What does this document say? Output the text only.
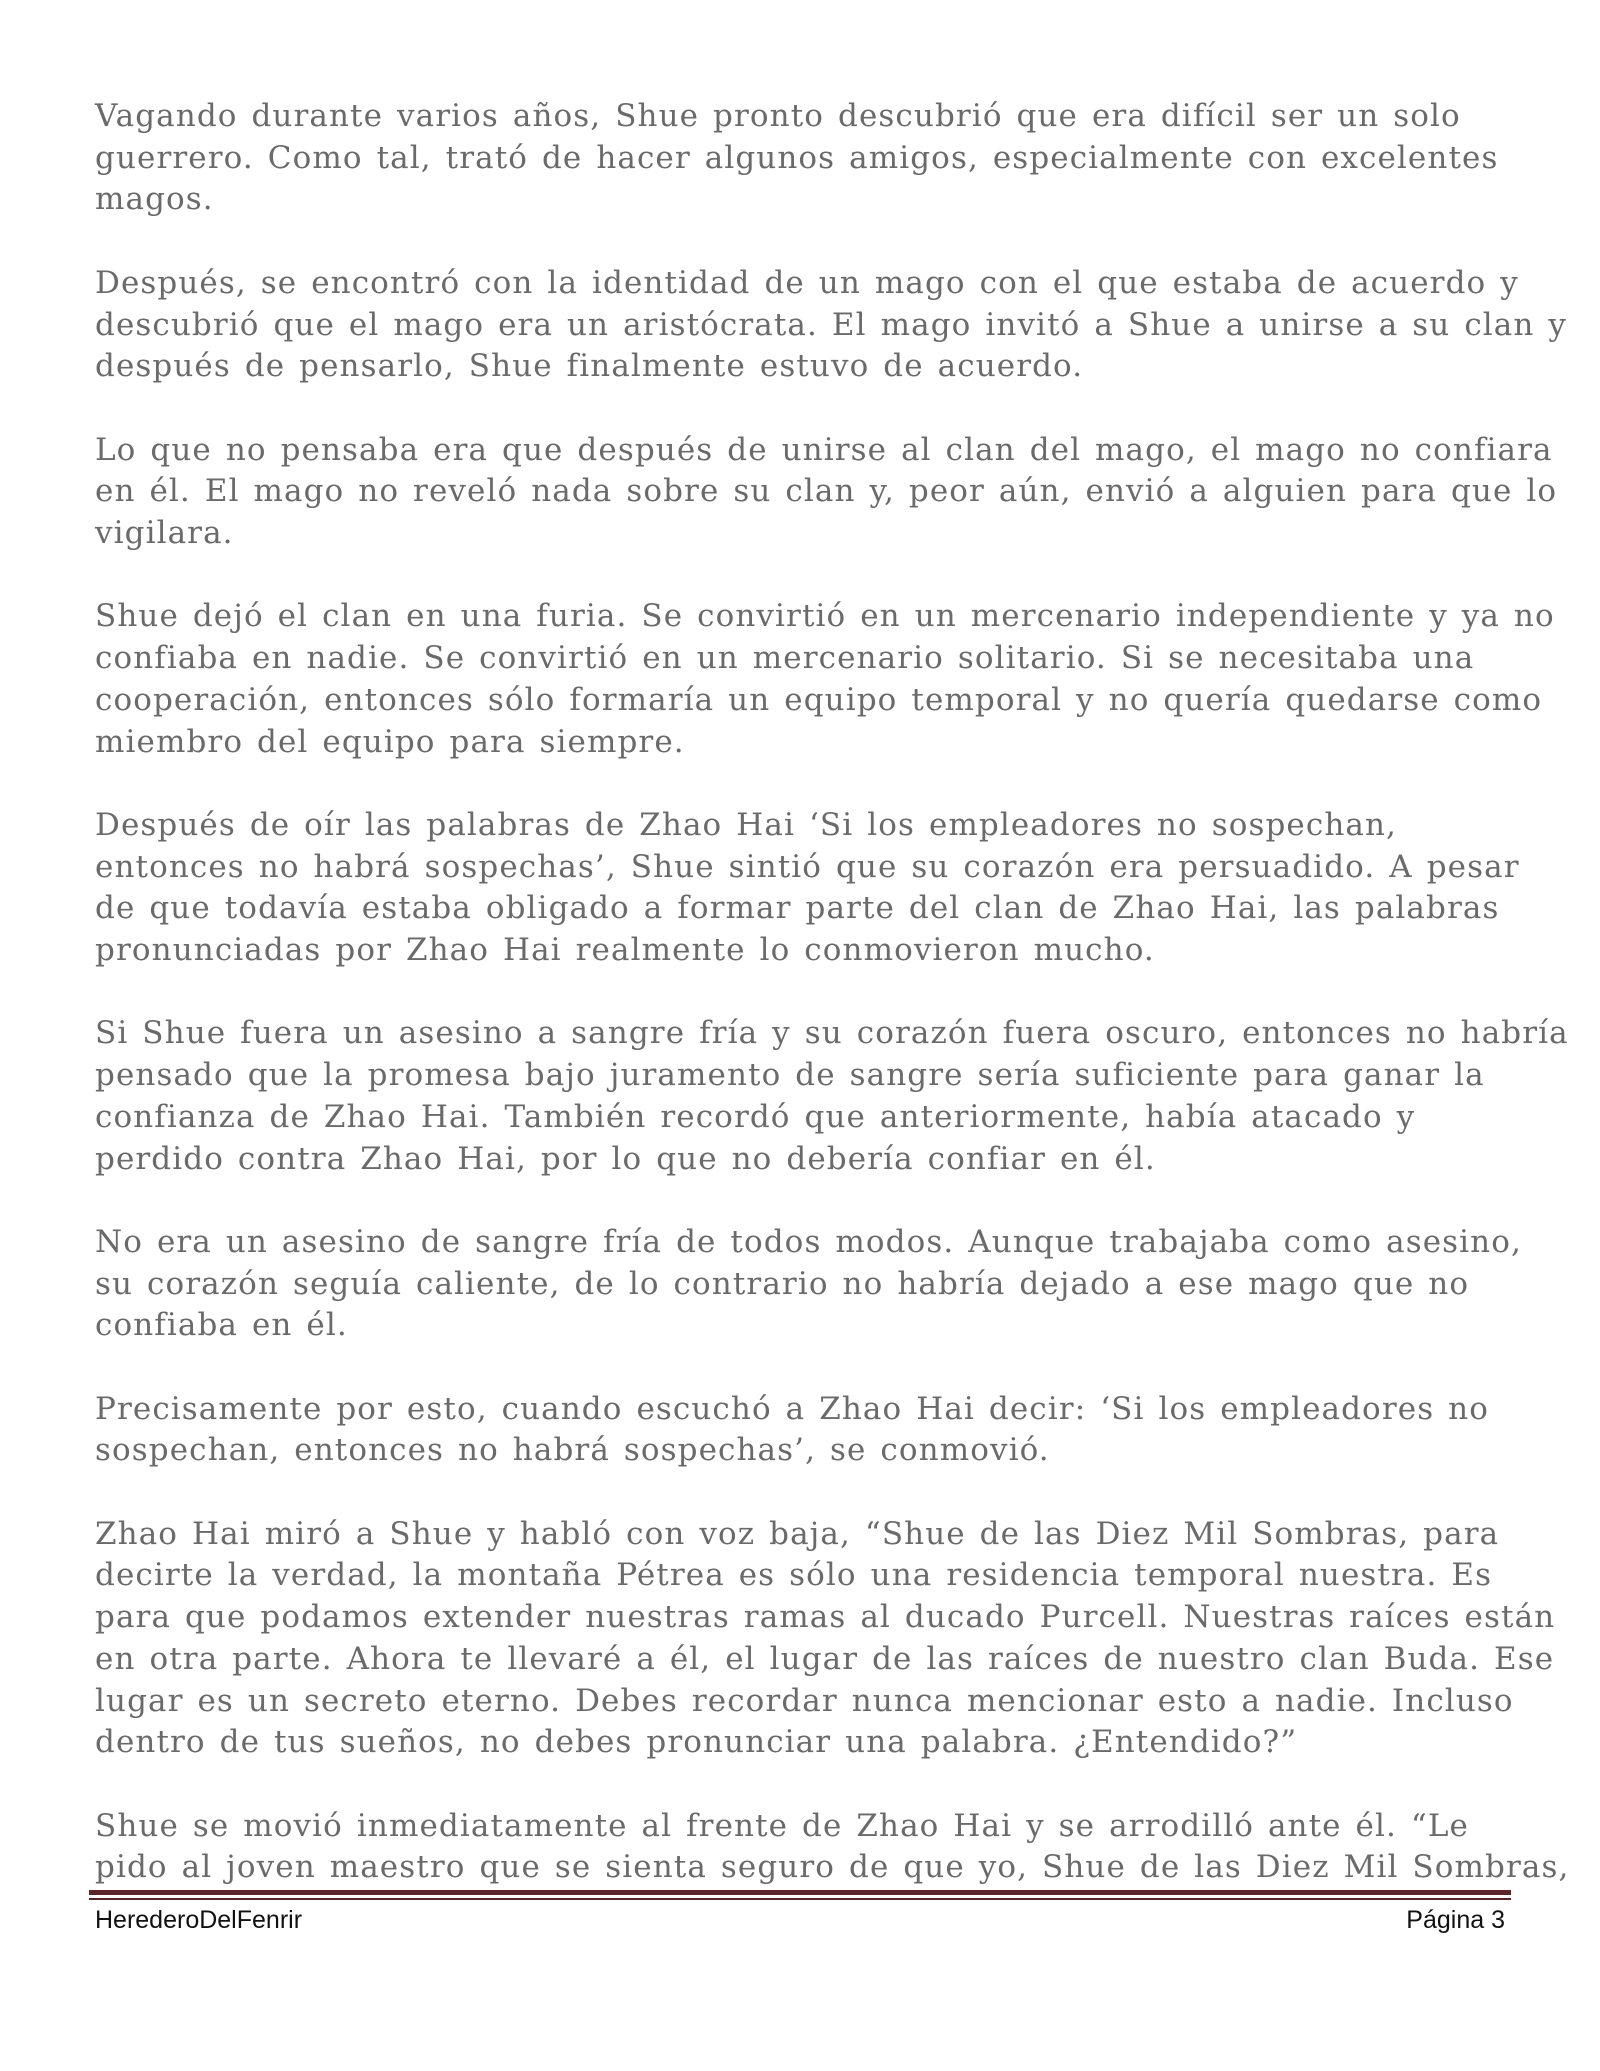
Vagando durante varios años, Shue pronto descubrió que era difícil ser un solo
guerrero. Como tal, trató de hacer algunos amigos, especialmente con excelentes
magos.
Después, se encontró con la identidad de un mago con el que estaba de acuerdo y
descubrió que el mago era un aristócrata. El mago invitó a Shue a unirse a su clan y
después de pensarlo, Shue finalmente estuvo de acuerdo.
Lo que no pensaba era que después de unirse al clan del mago, el mago no confiara
en él. El mago no reveló nada sobre su clan y, peor aún, envió a alguien para que lo
vigilara.
Shue dejó el clan en una furia. Se convirtió en un mercenario independiente y ya no
confiaba en nadie. Se convirtió en un mercenario solitario. Si se necesitaba una
cooperación, entonces sólo formaría un equipo temporal y no quería quedarse como
miembro del equipo para siempre.
Después de oír las palabras de Zhao Hai ‘Si los empleadores no sospechan,
entonces no habrá sospechas’, Shue sintió que su corazón era persuadido. A pesar
de que todavía estaba obligado a formar parte del clan de Zhao Hai, las palabras
pronunciadas por Zhao Hai realmente lo conmovieron mucho.
Si Shue fuera un asesino a sangre fría y su corazón fuera oscuro, entonces no habría
pensado que la promesa bajo juramento de sangre sería suficiente para ganar la
confianza de Zhao Hai. También recordó que anteriormente, había atacado y
perdido contra Zhao Hai, por lo que no debería confiar en él.
No era un asesino de sangre fría de todos modos. Aunque trabajaba como asesino,
su corazón seguía caliente, de lo contrario no habría dejado a ese mago que no
confiaba en él.
Precisamente por esto, cuando escuchó a Zhao Hai decir: ‘Si los empleadores no
sospechan, entonces no habrá sospechas’, se conmovió.
Zhao Hai miró a Shue y habló con voz baja, “Shue de las Diez Mil Sombras, para
decirte la verdad, la montaña Pétrea es sólo una residencia temporal nuestra. Es
para que podamos extender nuestras ramas al ducado Purcell. Nuestras raíces están
en otra parte. Ahora te llevaré a él, el lugar de las raíces de nuestro clan Buda. Ese
lugar es un secreto eterno. Debes recordar nunca mencionar esto a nadie. Incluso
dentro de tus sueños, no debes pronunciar una palabra. ¿Entendido?”
Shue se movió inmediatamente al frente de Zhao Hai y se arrodilló ante él. “Le
pido al joven maestro que se sienta seguro de que yo, Shue de las Diez Mil Sombras,
HerederoDelFenrir	Página 3
